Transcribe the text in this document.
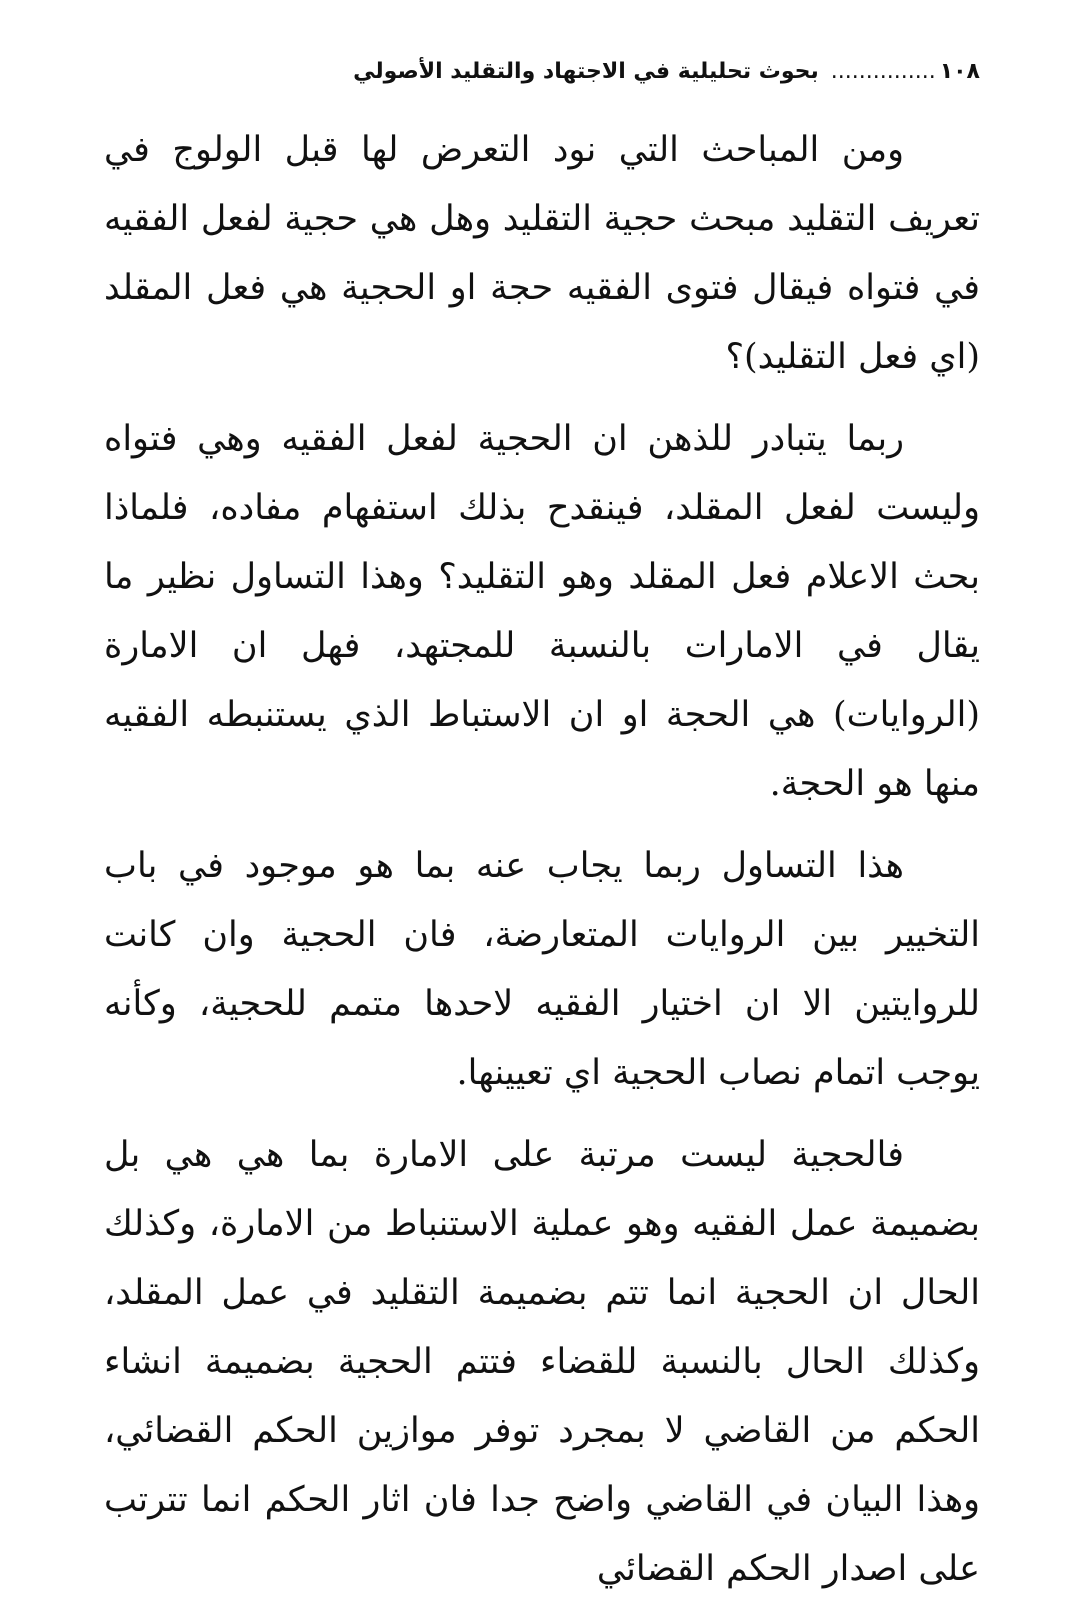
١٠٨
...............
بحوث تحليلية في الاجتهاد والتقليد الأصولي

ومن المباحث التي نود التعرض لها قبل الولوج في تعريف التقليد مبحث حجية التقليد وهل هي حجية لفعل الفقيه في فتواه فيقال فتوى الفقيه حجة او الحجية هي فعل المقلد (اي فعل التقليد)؟

ربما يتبادر للذهن ان الحجية لفعل الفقيه وهي فتواه وليست لفعل المقلد، فينقدح بذلك استفهام مفاده، فلماذا بحث الاعلام فعل المقلد وهو التقليد؟ وهذا التساول نظير ما يقال في الامارات بالنسبة للمجتهد، فهل ان الامارة (الروايات) هي الحجة او ان الاستباط الذي يستنبطه الفقيه منها هو الحجة.

هذا التساول ربما يجاب عنه بما هو موجود في باب التخيير بين الروايات المتعارضة، فان الحجية وان كانت للروايتين الا ان اختيار الفقيه لاحدها متمم للحجية، وكأنه يوجب اتمام نصاب الحجية اي تعيينها.

فالحجية ليست مرتبة على الامارة بما هي هي بل بضميمة عمل الفقيه وهو عملية الاستنباط من الامارة، وكذلك الحال ان الحجية انما تتم بضميمة التقليد في عمل المقلد، وكذلك الحال بالنسبة للقضاء فتتم الحجية بضميمة انشاء الحكم من القاضي لا بمجرد توفر موازين الحكم القضائي، وهذا البيان في القاضي واضح جدا فان اثار الحكم انما تترتب على اصدار الحكم القضائي
